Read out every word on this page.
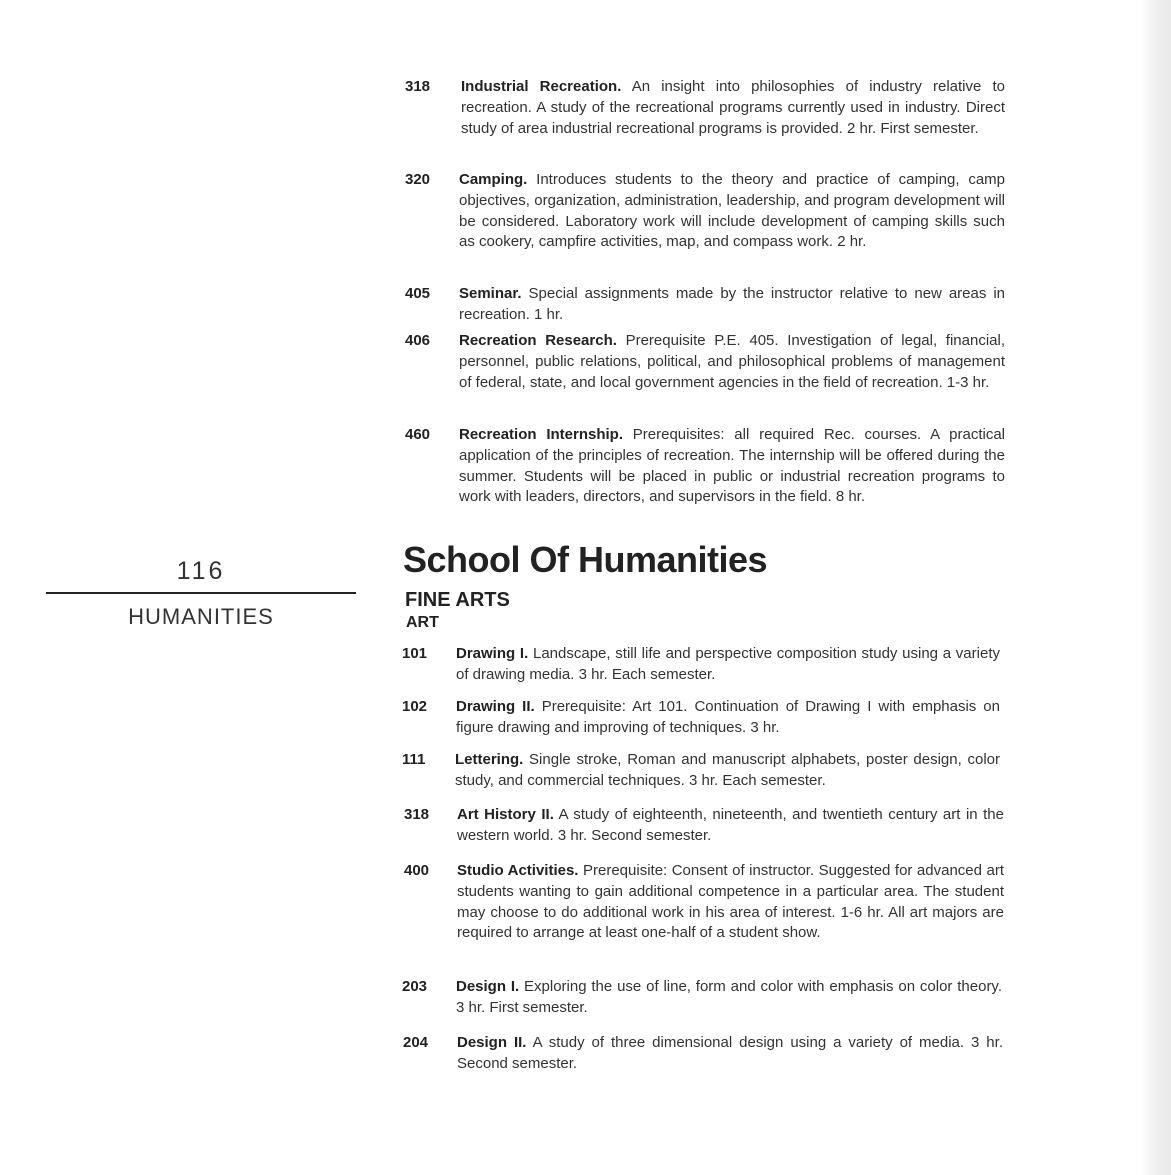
116
HUMANITIES
318 Industrial Recreation. An insight into philosophies of industry relative to recreation. A study of the recreational programs currently used in industry. Direct study of area industrial recreational programs is provided. 2 hr. First semester.
320 Camping. Introduces students to the theory and practice of camping, camp objectives, organization, administration, leadership, and program development will be considered. Laboratory work will include development of camping skills such as cookery, campfire activities, map, and compass work. 2 hr.
405 Seminar. Special assignments made by the instructor relative to new areas in recreation. 1 hr.
406 Recreation Research. Prerequisite P.E. 405. Investigation of legal, financial, personnel, public relations, political, and philosophical problems of management of federal, state, and local government agencies in the field of recreation. 1-3 hr.
460 Recreation Internship. Prerequisites: all required Rec. courses. A practical application of the principles of recreation. The internship will be offered during the summer. Students will be placed in public or industrial recreation programs to work with leaders, directors, and supervisors in the field. 8 hr.
School Of Humanities
FINE ARTS
ART
101 Drawing I. Landscape, still life and perspective composition study using a variety of drawing media. 3 hr. Each semester.
102 Drawing II. Prerequisite: Art 101. Continuation of Drawing I with emphasis on figure drawing and improving of techniques. 3 hr.
111 Lettering. Single stroke, Roman and manuscript alphabets, poster design, color study, and commercial techniques. 3 hr. Each semester.
318 Art History II. A study of eighteenth, nineteenth, and twentieth century art in the western world. 3 hr. Second semester.
400 Studio Activities. Prerequisite: Consent of instructor. Suggested for advanced art students wanting to gain additional competence in a particular area. The student may choose to do additional work in his area of interest. 1-6 hr. All art majors are required to arrange at least one-half of a student show.
203 Design I. Exploring the use of line, form and color with emphasis on color theory. 3 hr. First semester.
204 Design II. A study of three dimensional design using a variety of media. 3 hr. Second semester.
